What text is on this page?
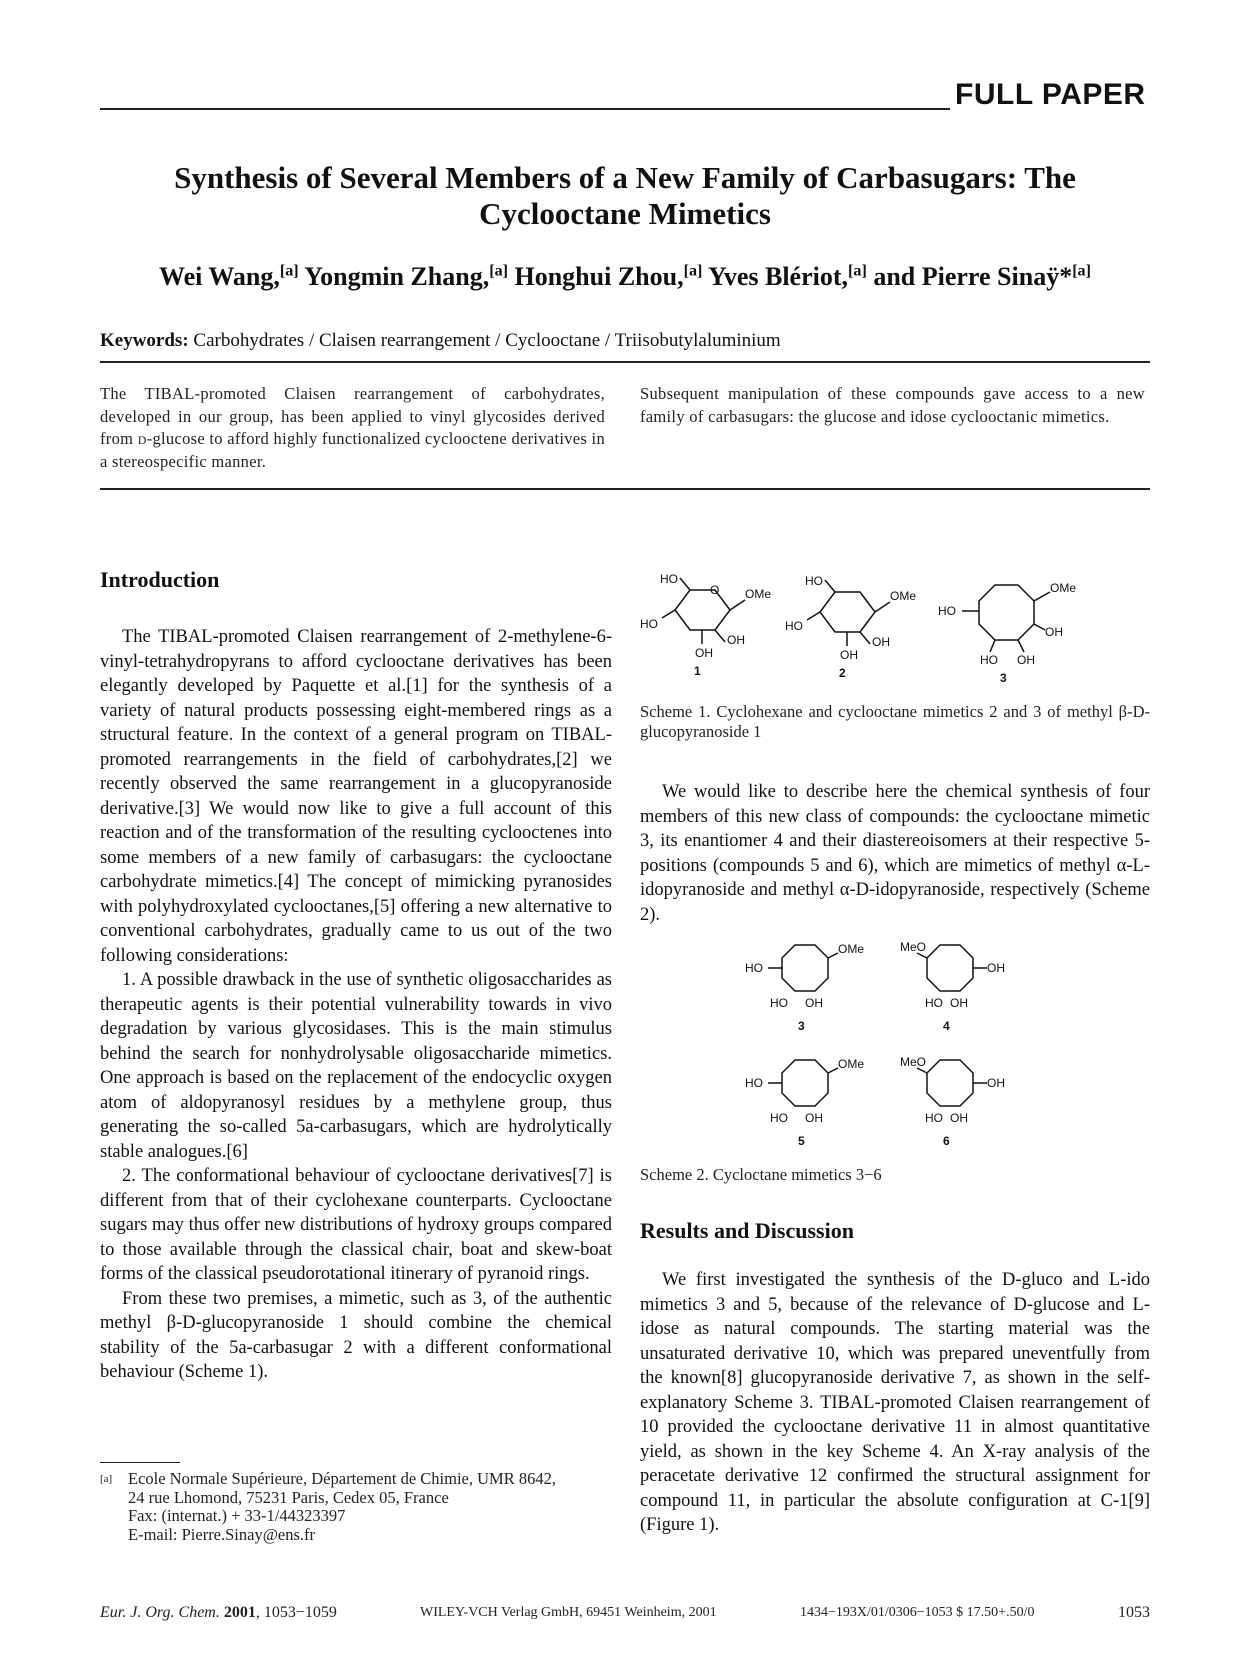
FULL PAPER
Synthesis of Several Members of a New Family of Carbasugars: The Cyclooctane Mimetics
Wei Wang,[a] Yongmin Zhang,[a] Honghui Zhou,[a] Yves Blériot,[a] and Pierre Sinaÿ*[a]
Keywords: Carbohydrates / Claisen rearrangement / Cyclooctane / Triisobutylaluminium
The TIBAL-promoted Claisen rearrangement of carbohydrates, developed in our group, has been applied to vinyl glycosides derived from d-glucose to afford highly functionalized cyclooctene derivatives in a stereospecific manner.
Subsequent manipulation of these compounds gave access to a new family of carbasugars: the glucose and idose cyclooctanic mimetics.
Introduction

The TIBAL-promoted Claisen rearrangement of 2-methylene-6-vinyl-tetrahydropyrans to afford cyclooctane derivatives has been elegantly developed by Paquette et al.[1] for the synthesis of a variety of natural products possessing eight-membered rings as a structural feature. In the context of a general program on TIBAL-promoted rearrangements in the field of carbohydrates,[2] we recently observed the same rearrangement in a glucopyranoside derivative.[3] We would now like to give a full account of this reaction and of the transformation of the resulting cyclooctenes into some members of a new family of carbasugars: the cyclooctane carbohydrate mimetics.[4] The concept of mimicking pyranosides with polyhydroxylated cyclooctanes,[5] offering a new alternative to conventional carbohydrates, gradually came to us out of the two following considerations:

1. A possible drawback in the use of synthetic oligosaccharides as therapeutic agents is their potential vulnerability towards in vivo degradation by various glycosidases. This is the main stimulus behind the search for nonhydrolysable oligosaccharide mimetics. One approach is based on the replacement of the endocyclic oxygen atom of aldopyranosyl residues by a methylene group, thus generating the so-called 5a-carbasugars, which are hydrolytically stable analogues.[6]

2. The conformational behaviour of cyclooctane derivatives[7] is different from that of their cyclohexane counterparts. Cyclooctane sugars may thus offer new distributions of hydroxy groups compared to those available through the classical chair, boat and skew-boat forms of the classical pseudorotational itinerary of pyranoid rings.

From these two premises, a mimetic, such as 3, of the authentic methyl β-D-glucopyranoside 1 should combine the chemical stability of the 5a-carbasugar 2 with a different conformational behaviour (Scheme 1).

HO
OMe
HO
OH
OH
O
1
HO
OMe
HO
OH
OH
2
OMe
HO
OH
HO OH
3
Scheme 1. Cyclohexane and cyclooctane mimetics 2 and 3 of methyl β-D-glucopyranoside 1

We would like to describe here the chemical synthesis of four members of this new class of compounds: the cyclooctane mimetic 3, its enantiomer 4 and their diastereoisomers at their respective 5-positions (compounds 5 and 6), which are mimetics of methyl α-L-idopyranoside and methyl α-D-idopyranoside, respectively (Scheme 2).

OMe
HO
HO OH
MeO
OH
HO OH
OMe
HO
HO OH
MeO
OH
HO OH
3	4
5	6
Scheme 2. Cycloctane mimetics 3−6
Results and Discussion

We first investigated the synthesis of the D-gluco and L-ido mimetics 3 and 5, because of the relevance of D-glucose and L-idose as natural compounds. The starting material was the unsaturated derivative 10, which was prepared uneventfully from the known[8] glucopyranoside derivative 7, as shown in the self-explanatory Scheme 3. TIBAL-promoted Claisen rearrangement of 10 provided the cyclooctane derivative 11 in almost quantitative yield, as shown in the key Scheme 4. An X-ray analysis of the peracetate derivative 12 confirmed the structural assignment for compound 11, in particular the absolute configuration at C-1[9] (Figure 1).

[a] Ecole Normale Supérieure, Département de Chimie, UMR 8642,
24 rue Lhomond, 75231 Paris, Cedex 05, France
Fax: (internat.) + 33-1/44323397
E-mail: Pierre.Sinay@ens.fr
Eur. J. Org. Chem. 2001, 1053−1059	WILEY-VCH Verlag GmbH, 69451 Weinheim, 2001	1434−193X/01/0306−1053 $ 17.50+.50/0	1053
